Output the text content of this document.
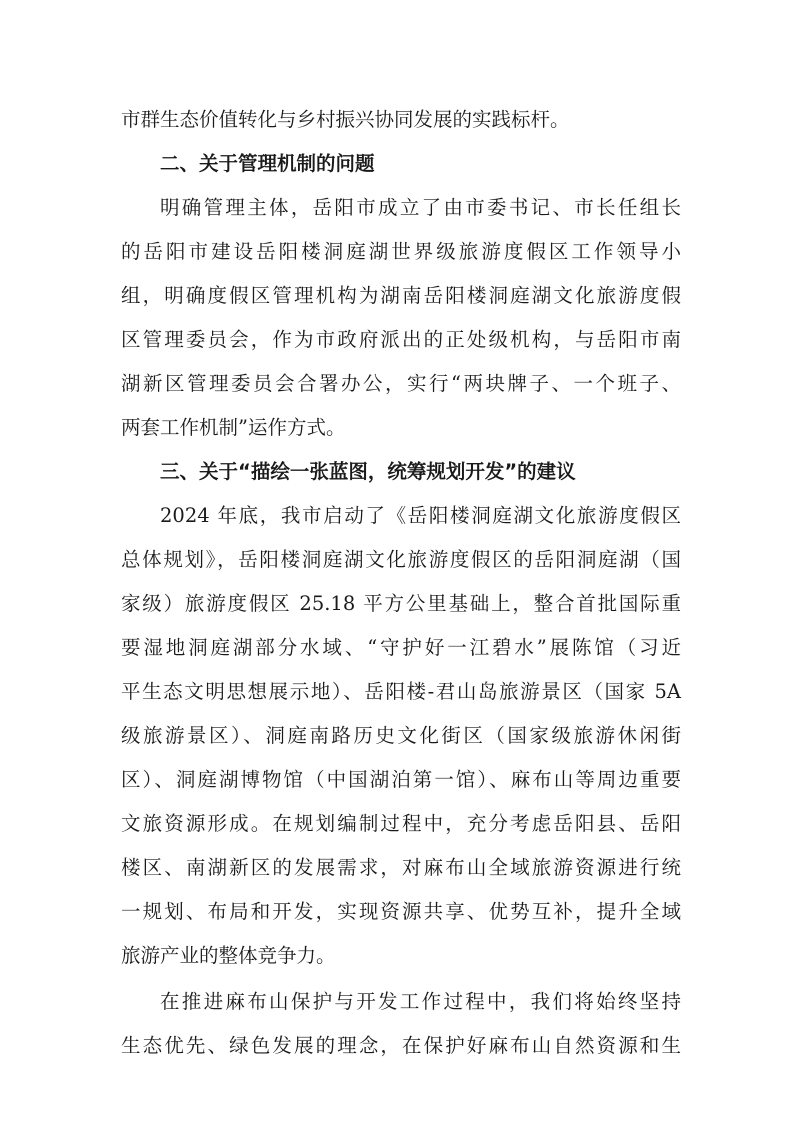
市群生态价值转化与乡村振兴协同发展的实践标杆。
二、关于管理机制的问题
明确管理主体，岳阳市成立了由市委书记、市长任组长
的岳阳市建设岳阳楼洞庭湖世界级旅游度假区工作领导小
组，明确度假区管理机构为湖南岳阳楼洞庭湖文化旅游度假
区管理委员会，作为市政府派出的正处级机构，与岳阳市南
湖新区管理委员会合署办公，实行“两块牌子、一个班子、
两套工作机制”运作方式。
三、关于“描绘一张蓝图，统筹规划开发”的建议
2024 年底，我市启动了《岳阳楼洞庭湖文化旅游度假区
总体规划》，岳阳楼洞庭湖文化旅游度假区的岳阳洞庭湖（国
家级）旅游度假区 25.18 平方公里基础上，整合首批国际重
要湿地洞庭湖部分水域、“守护好一江碧水”展陈馆（习近
平生态文明思想展示地）、岳阳楼-君山岛旅游景区（国家 5A
级旅游景区）、洞庭南路历史文化街区（国家级旅游休闲街
区）、洞庭湖博物馆（中国湖泊第一馆）、麻布山等周边重要
文旅资源形成。在规划编制过程中，充分考虑岳阳县、岳阳
楼区、南湖新区的发展需求，对麻布山全域旅游资源进行统
一规划、布局和开发，实现资源共享、优势互补，提升全域
旅游产业的整体竞争力。
在推进麻布山保护与开发工作过程中，我们将始终坚持
生态优先、绿色发展的理念，在保护好麻布山自然资源和生
